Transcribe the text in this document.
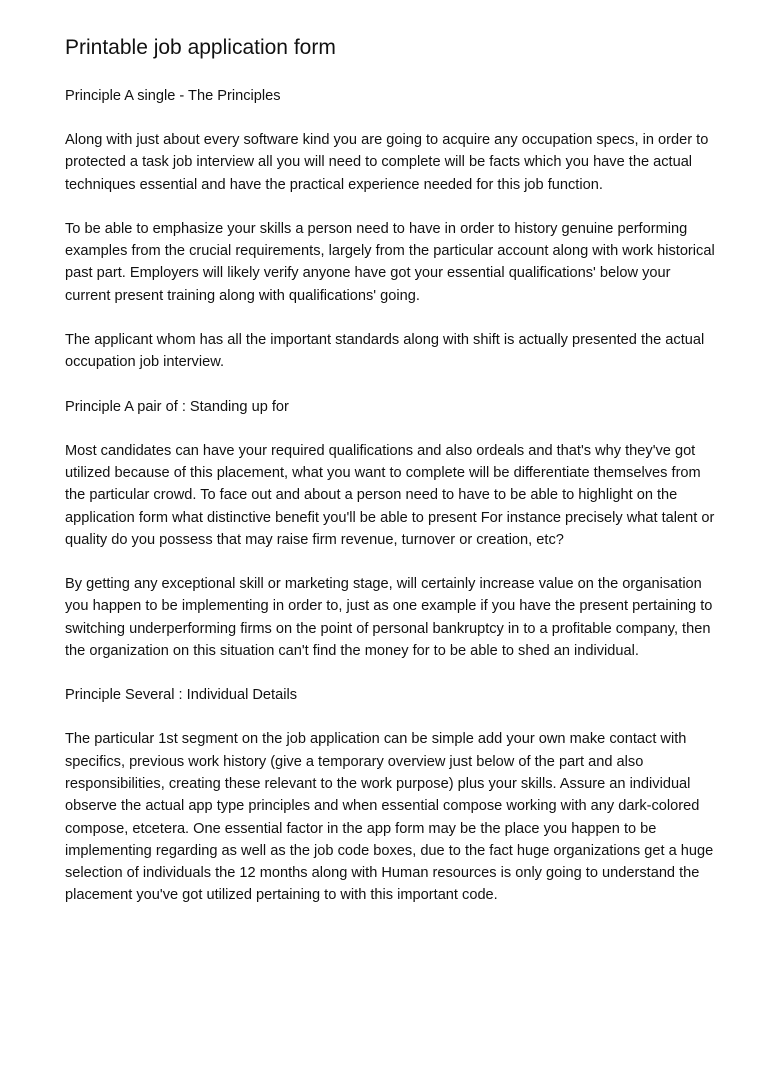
Printable job application form

Principle A single - The Principles

Along with just about every software kind you are going to acquire any occupation specs, in order to protected a task job interview all you will need to complete will be facts which you have the actual techniques essential and have the practical experience needed for this job function.

To be able to emphasize your skills a person need to have in order to history genuine performing examples from the crucial requirements, largely from the particular account along with work historical past part. Employers will likely verify anyone have got your essential qualifications' below your current present training along with qualifications' going.

The applicant whom has all the important standards along with shift is actually presented the actual occupation job interview.

Principle A pair of : Standing up for

Most candidates can have your required qualifications and also ordeals and that's why they've got utilized because of this placement, what you want to complete will be differentiate themselves from the particular crowd. To face out and about a person need to have to be able to highlight on the application form what distinctive benefit you'll be able to present For instance precisely what talent or quality do you possess that may raise firm revenue, turnover or creation, etc?

By getting any exceptional skill or marketing stage, will certainly increase value on the organisation you happen to be implementing in order to, just as one example if you have the present pertaining to switching underperforming firms on the point of personal bankruptcy in to a profitable company, then the organization on this situation can't find the money for to be able to shed an individual.

Principle Several : Individual Details

The particular 1st segment on the job application can be simple add your own make contact with specifics, previous work history (give a temporary overview just below of the part and also responsibilities, creating these relevant to the work purpose) plus your skills. Assure an individual observe the actual app type principles and when essential compose working with any dark-colored compose, etcetera. One essential factor in the app form may be the place you happen to be implementing regarding as well as the job code boxes, due to the fact huge organizations get a huge selection of individuals the 12 months along with Human resources is only going to understand the placement you've got utilized pertaining to with this important code.
